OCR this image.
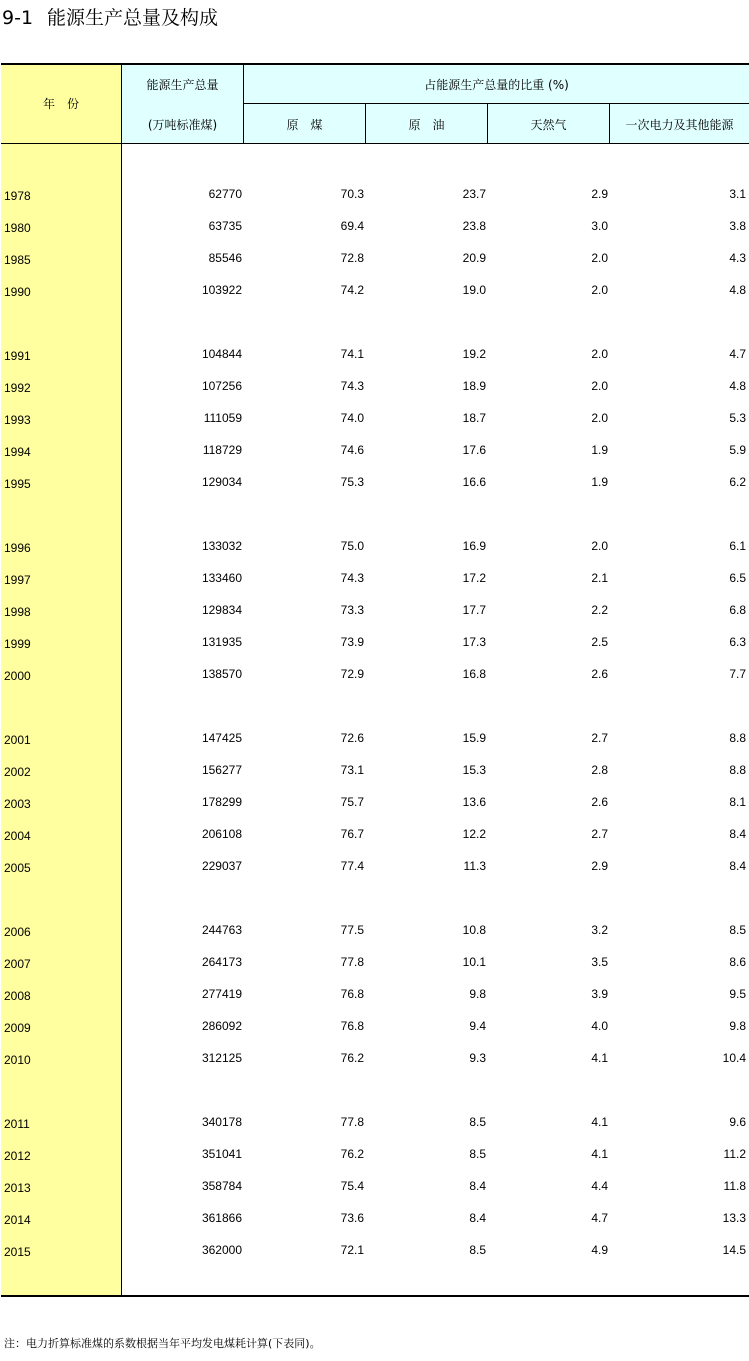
9-1 能源生产总量及构成
年　份
能源生产总量
(万吨标准煤)
占能源生产总量的比重 (%)
原　煤	原　油	天然气	一次电力及其他能源
1978	62770	70.3	23.7	2.9	3.1
1980	63735	69.4	23.8	3.0	3.8
1985	85546	72.8	20.9	2.0	4.3
1990	103922	74.2	19.0	2.0	4.8
1991	104844	74.1	19.2	2.0	4.7
1992	107256	74.3	18.9	2.0	4.8
1993	111059	74.0	18.7	2.0	5.3
1994	118729	74.6	17.6	1.9	5.9
1995	129034	75.3	16.6	1.9	6.2
1996	133032	75.0	16.9	2.0	6.1
1997	133460	74.3	17.2	2.1	6.5
1998	129834	73.3	17.7	2.2	6.8
1999	131935	73.9	17.3	2.5	6.3
2000	138570	72.9	16.8	2.6	7.7
2001	147425	72.6	15.9	2.7	8.8
2002	156277	73.1	15.3	2.8	8.8
2003	178299	75.7	13.6	2.6	8.1
2004	206108	76.7	12.2	2.7	8.4
2005	229037	77.4	11.3	2.9	8.4
2006	244763	77.5	10.8	3.2	8.5
2007	264173	77.8	10.1	3.5	8.6
2008	277419	76.8	9.8	3.9	9.5
2009	286092	76.8	9.4	4.0	9.8
2010	312125	76.2	9.3	4.1	10.4
2011	340178	77.8	8.5	4.1	9.6
2012	351041	76.2	8.5	4.1	11.2
2013	358784	75.4	8.4	4.4	11.8
2014	361866	73.6	8.4	4.7	13.3
2015	362000	72.1	8.5	4.9	14.5
注：电力折算标准煤的系数根据当年平均发电煤耗计算(下表同)。
